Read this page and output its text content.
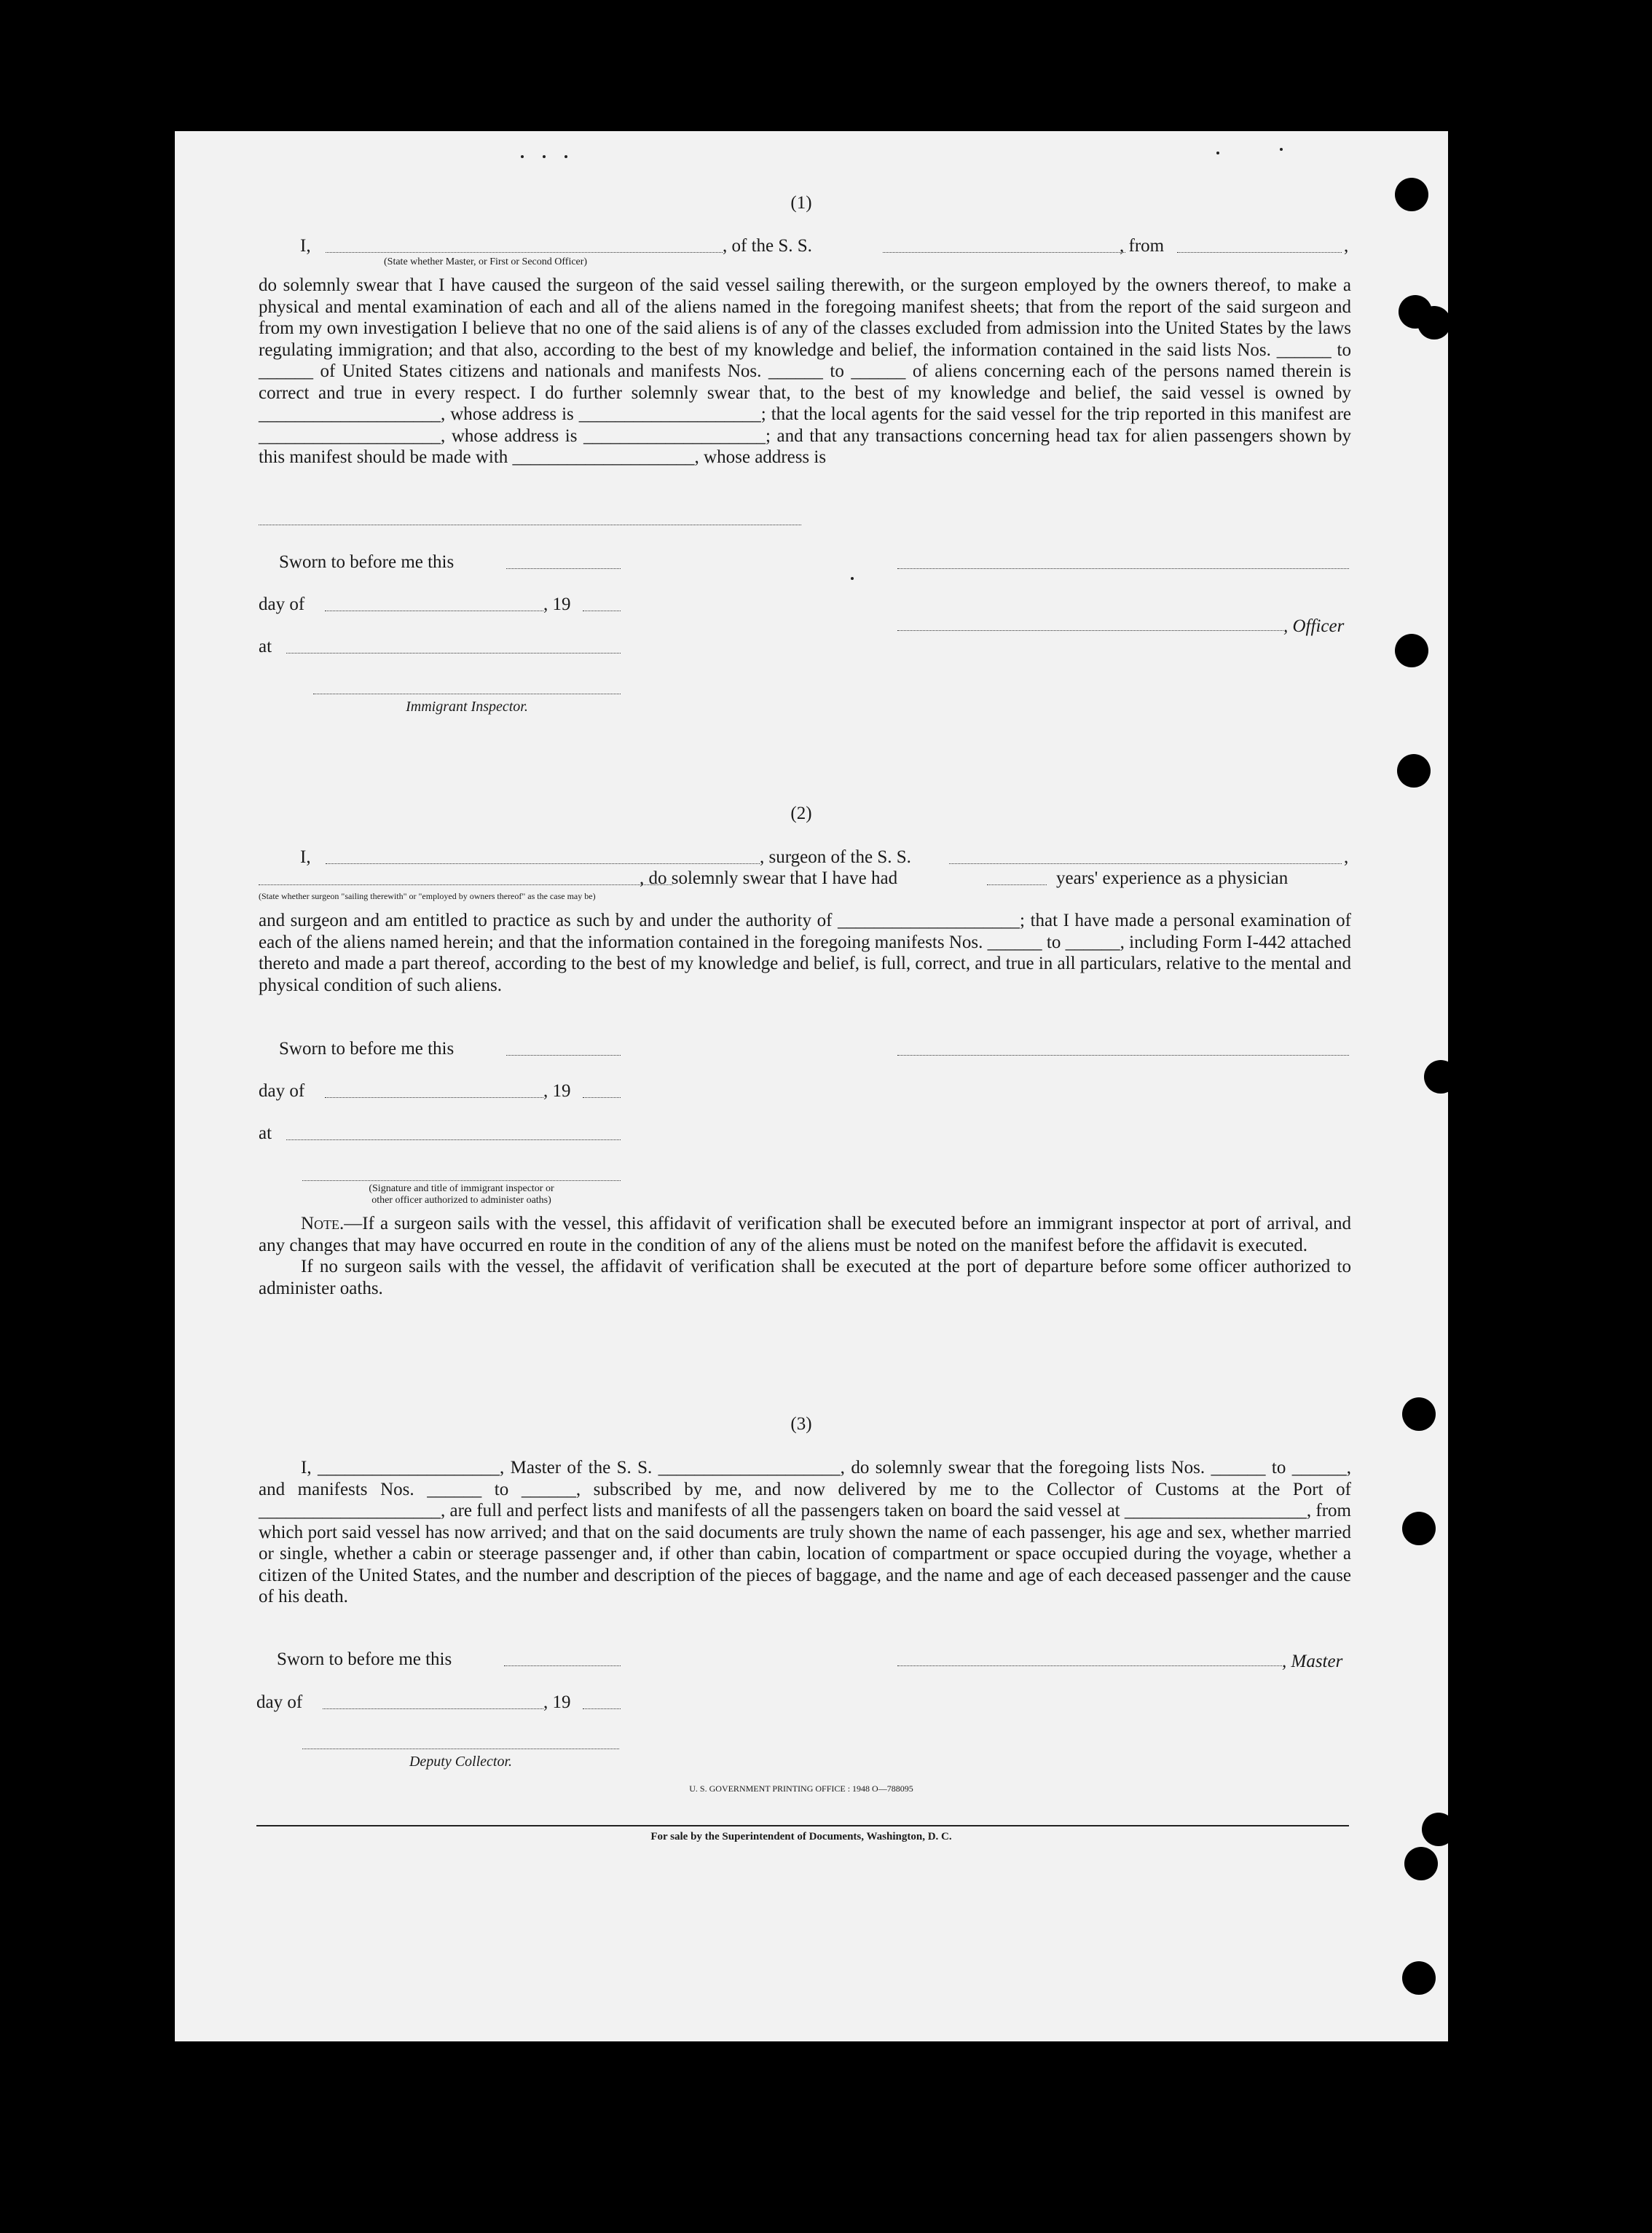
(1)
I,	, of the S. S.	, from	,
(State whether Master, or First or Second Officer)

do solemnly swear that I have caused the surgeon of the said vessel sailing therewith, or the surgeon employed by the owners thereof, to make a physical and mental examination of each and all of the aliens named in the foregoing manifest sheets; that from the report of the said surgeon and from my own investigation I believe that no one of the said aliens is of any of the classes excluded from admission into the United States by the laws regulating immigration; and that also, according to the best of my knowledge and belief, the information contained in the said lists Nos. ______ to ______ of United States citizens and nationals and manifests Nos. ______ to ______ of aliens concerning each of the persons named therein is correct and true in every respect. I do further solemnly swear that, to the best of my knowledge and belief, the said vessel is owned by ____________________, whose address is ____________________; that the local agents for the said vessel for the trip reported in this manifest are ____________________, whose address is ____________________; and that any transactions concerning head tax for alien passengers shown by this manifest should be made with ____________________, whose address is

Sworn to before me this
day of	, 19
, Officer
at
Immigrant Inspector.
(2)
I,	, surgeon of the S. S.	,
, do solemnly swear that I have had	years' experience as a physician
(State whether surgeon "sailing therewith" or "employed by owners thereof" as the case may be)

and surgeon and am entitled to practice as such by and under the authority of ____________________; that I have made a personal examination of each of the aliens named herein; and that the information contained in the foregoing manifests Nos. ______ to ______, including Form I-442 attached thereto and made a part thereof, according to the best of my knowledge and belief, is full, correct, and true in all particulars, relative to the mental and physical condition of such aliens.

Sworn to before me this
day of	, 19
at
(Signature and title of immigrant inspector or
other officer authorized to administer oaths)

Note.—If a surgeon sails with the vessel, this affidavit of verification shall be executed before an immigrant inspector at port of arrival, and any changes that may have occurred en route in the condition of any of the aliens must be noted on the manifest before the affidavit is executed.

If no surgeon sails with the vessel, the affidavit of verification shall be executed at the port of departure before some officer authorized to administer oaths.

(3)

I, ____________________, Master of the S. S. ____________________, do solemnly swear that the foregoing lists Nos. ______ to ______, and manifests Nos. ______ to ______, subscribed by me, and now delivered by me to the Collector of Customs at the Port of ____________________, are full and perfect lists and manifests of all the passengers taken on board the said vessel at ____________________, from which port said vessel has now arrived; and that on the said documents are truly shown the name of each passenger, his age and sex, whether married or single, whether a cabin or steerage passenger and, if other than cabin, location of compartment or space occupied during the voyage, whether a citizen of the United States, and the number and description of the pieces of baggage, and the name and age of each deceased passenger and the cause of his death.

Sworn to before me this	, Master
day of	, 19
Deputy Collector.
U. S. GOVERNMENT PRINTING OFFICE : 1948 O—788095
For sale by the Superintendent of Documents, Washington, D. C.
